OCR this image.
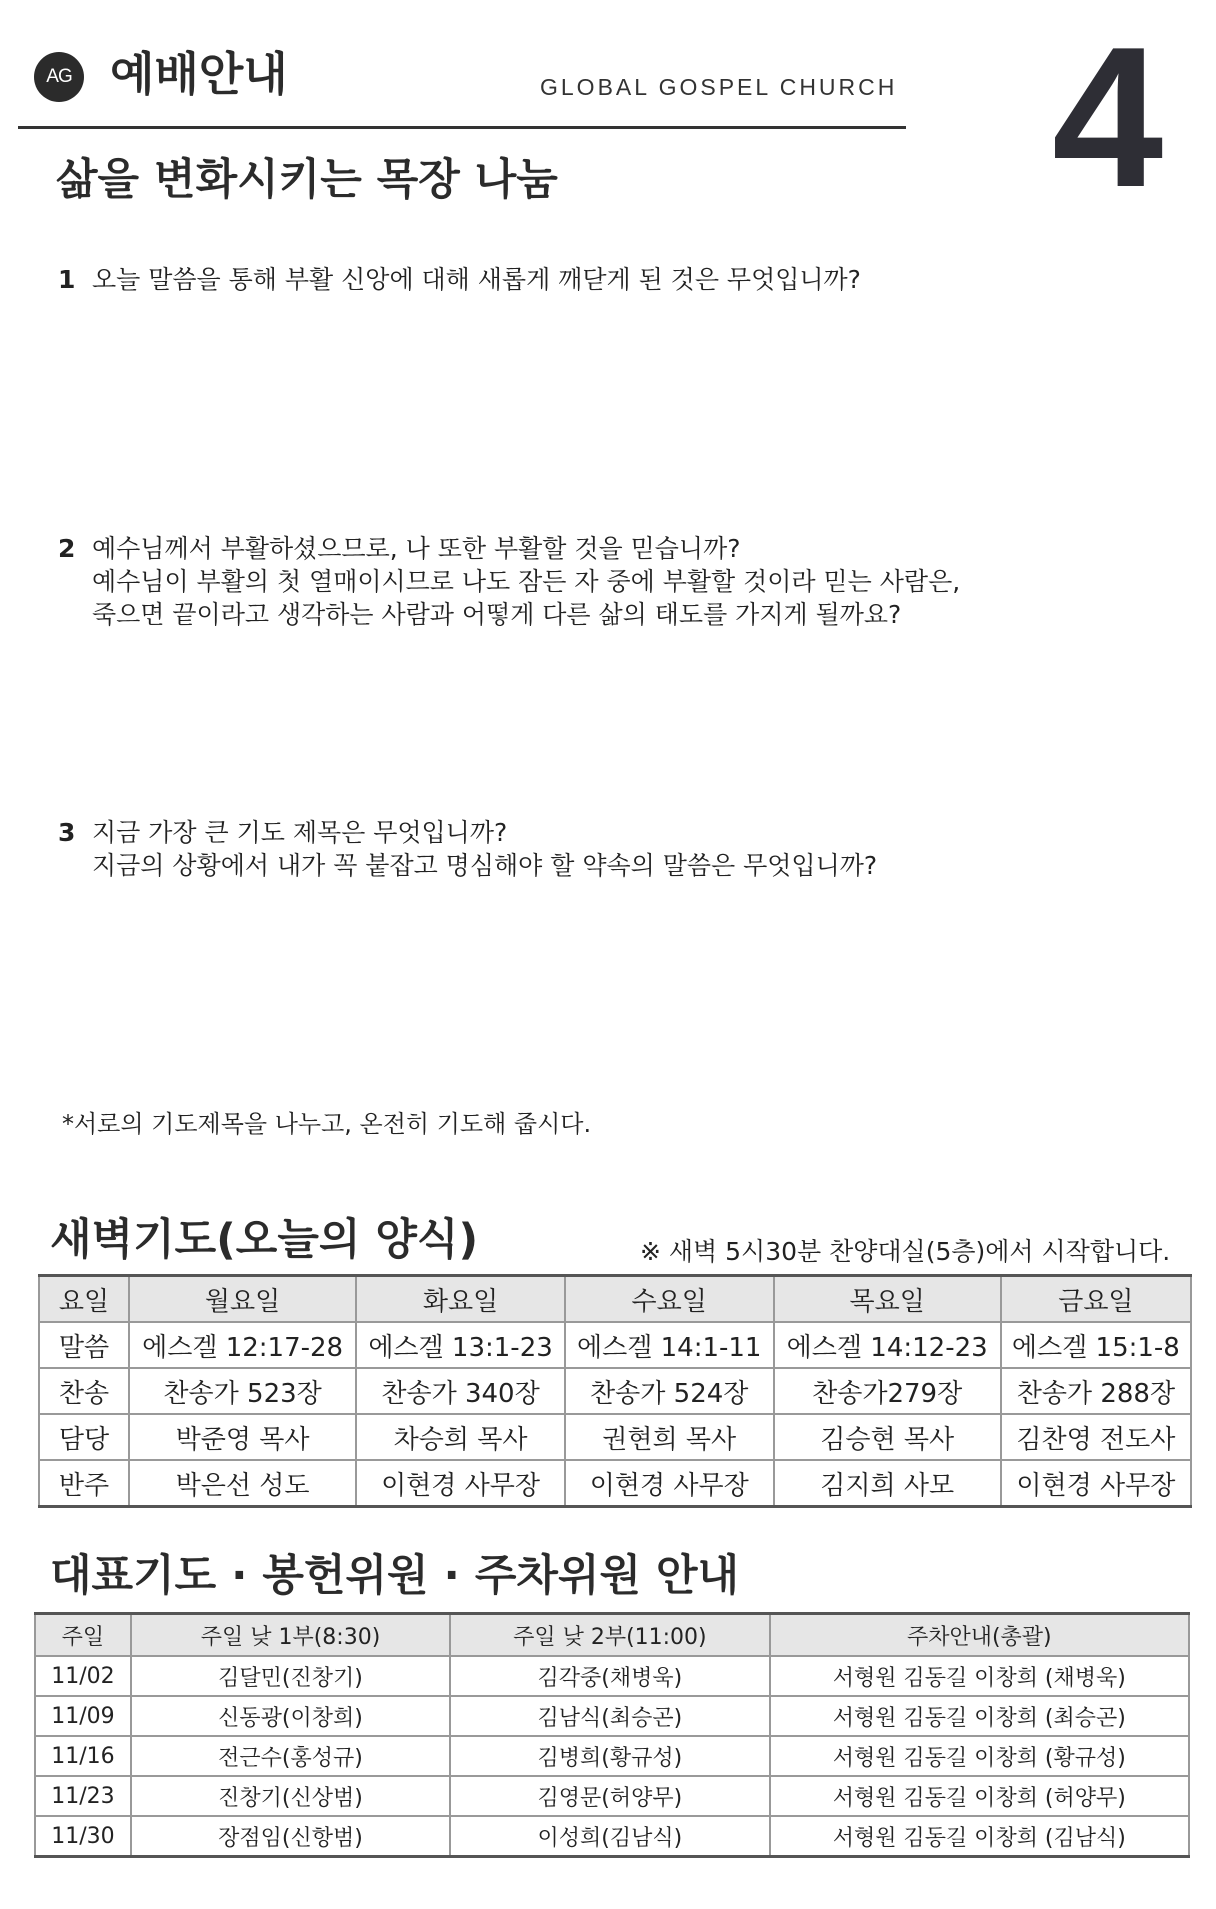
AG 예배안내	GLOBAL GOSPEL CHURCH 4
삶을 변화시키는 목장 나눔
1 오늘 말씀을 통해 부활 신앙에 대해 새롭게 깨닫게 된 것은 무엇입니까?
2 예수님께서 부활하셨으므로, 나 또한 부활할 것을 믿습니까?
예수님이 부활의 첫 열매이시므로 나도 잠든 자 중에 부활할 것이라 믿는 사람은,
죽으면 끝이라고 생각하는 사람과 어떻게 다른 삶의 태도를 가지게 될까요?
3 지금 가장 큰 기도 제목은 무엇입니까?
지금의 상황에서 내가 꼭 붙잡고 명심해야 할 약속의 말씀은 무엇입니까?
*서로의 기도제목을 나누고, 온전히 기도해 줍시다.
새벽기도(오늘의 양식)	※ 새벽 5시30분 찬양대실(5층)에서 시작합니다.
요일	월요일	화요일	수요일	목요일	금요일
말씀	에스겔 12:17-28	에스겔 13:1-23	에스겔 14:1-11	에스겔 14:12-23	에스겔 15:1-8
찬송	찬송가 523장	찬송가 340장	찬송가 524장	찬송가279장	찬송가 288장
담당	박준영 목사	차승희 목사	권현희 목사	김승현 목사	김찬영 전도사
반주	박은선 성도	이현경 사무장	이현경 사무장	김지희 사모	이현경 사무장
대표기도 · 봉헌위원 · 주차위원 안내
주일	주일 낮 1부(8:30)	주일 낮 2부(11:00)	주차안내(총괄)
11/02	김달민(진창기)	김각중(채병욱)	서형원 김동길 이창희 (채병욱)
11/09	신동광(이창희)	김남식(최승곤)	서형원 김동길 이창희 (최승곤)
11/16	전근수(홍성규)	김병희(황규성)	서형원 김동길 이창희 (황규성)
11/23	진창기(신상범)	김영문(허양무)	서형원 김동길 이창희 (허양무)
11/30	장점임(신항범)	이성희(김남식)	서형원 김동길 이창희 (김남식)
